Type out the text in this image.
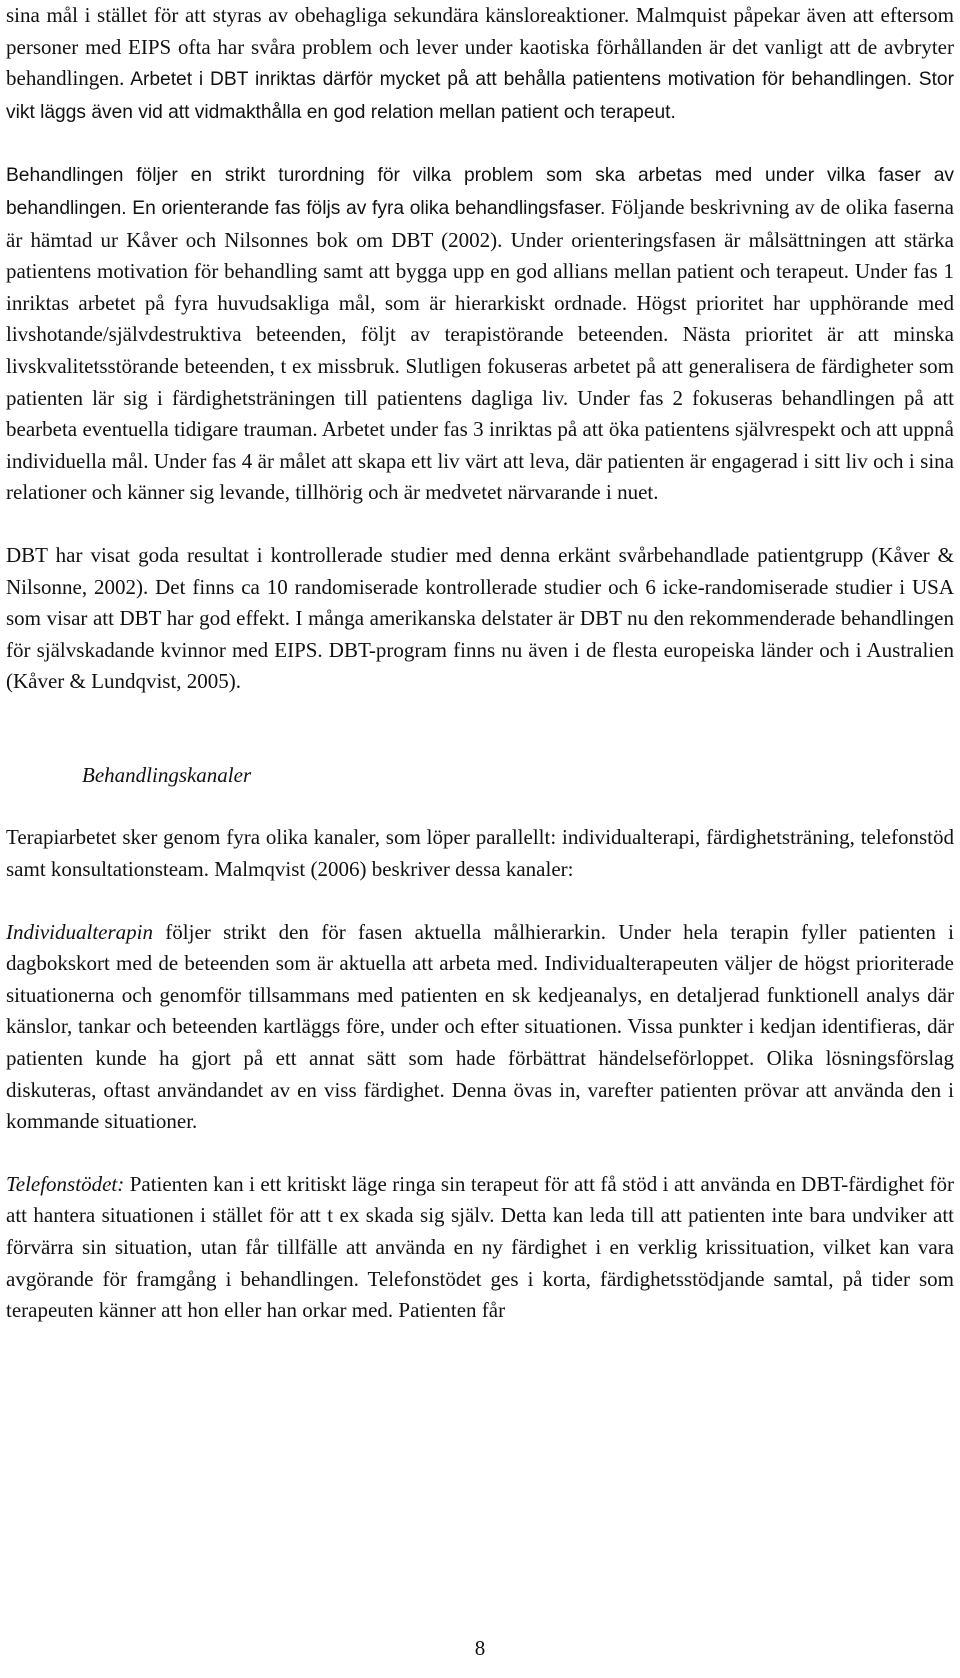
sina mål i stället för att styras av obehagliga sekundära känsloreaktioner. Malmquist påpekar även att eftersom personer med EIPS ofta har svåra problem och lever under kaotiska förhållanden är det vanligt att de avbryter behandlingen. Arbetet i DBT inriktas därför mycket på att behålla patientens motivation för behandlingen. Stor vikt läggs även vid att vidmakthålla en god relation mellan patient och terapeut.

Behandlingen följer en strikt turordning för vilka problem som ska arbetas med under vilka faser av behandlingen. En orienterande fas följs av fyra olika behandlingsfaser. Följande beskrivning av de olika faserna är hämtad ur Kåver och Nilsonnes bok om DBT (2002). Under orienteringsfasen är målsättningen att stärka patientens motivation för behandling samt att bygga upp en god allians mellan patient och terapeut. Under fas 1 inriktas arbetet på fyra huvudsakliga mål, som är hierarkiskt ordnade. Högst prioritet har upphörande med livshotande/självdestruktiva beteenden, följt av terapistörande beteenden. Nästa prioritet är att minska livskvalitetsstörande beteenden, t ex missbruk. Slutligen fokuseras arbetet på att generalisera de färdigheter som patienten lär sig i färdighetsträningen till patientens dagliga liv. Under fas 2 fokuseras behandlingen på att bearbeta eventuella tidigare trauman. Arbetet under fas 3 inriktas på att öka patientens självrespekt och att uppnå individuella mål. Under fas 4 är målet att skapa ett liv värt att leva, där patienten är engagerad i sitt liv och i sina relationer och känner sig levande, tillhörig och är medvetet närvarande i nuet.

DBT har visat goda resultat i kontrollerade studier med denna erkänt svårbehandlade patientgrupp (Kåver & Nilsonne, 2002). Det finns ca 10 randomiserade kontrollerade studier och 6 icke-randomiserade studier i USA som visar att DBT har god effekt. I många amerikanska delstater är DBT nu den rekommenderade behandlingen för självskadande kvinnor med EIPS. DBT-program finns nu även i de flesta europeiska länder och i Australien (Kåver & Lundqvist, 2005).

Behandlingskanaler

Terapiarbetet sker genom fyra olika kanaler, som löper parallellt: individualterapi, färdighetsträning, telefonstöd samt konsultationsteam. Malmqvist (2006) beskriver dessa kanaler:

Individualterapin följer strikt den för fasen aktuella målhierarkin. Under hela terapin fyller patienten i dagbokskort med de beteenden som är aktuella att arbeta med. Individualterapeuten väljer de högst prioriterade situationerna och genomför tillsammans med patienten en sk kedjeanalys, en detaljerad funktionell analys där känslor, tankar och beteenden kartläggs före, under och efter situationen. Vissa punkter i kedjan identifieras, där patienten kunde ha gjort på ett annat sätt som hade förbättrat händelseförloppet. Olika lösningsförslag diskuteras, oftast användandet av en viss färdighet. Denna övas in, varefter patienten prövar att använda den i kommande situationer.

Telefonstödet: Patienten kan i ett kritiskt läge ringa sin terapeut för att få stöd i att använda en DBT-färdighet för att hantera situationen i stället för att t ex skada sig själv. Detta kan leda till att patienten inte bara undviker att förvärra sin situation, utan får tillfälle att använda en ny färdighet i en verklig krissituation, vilket kan vara avgörande för framgång i behandlingen. Telefonstödet ges i korta, färdighetsstödjande samtal, på tider som terapeuten känner att hon eller han orkar med. Patienten får

8
